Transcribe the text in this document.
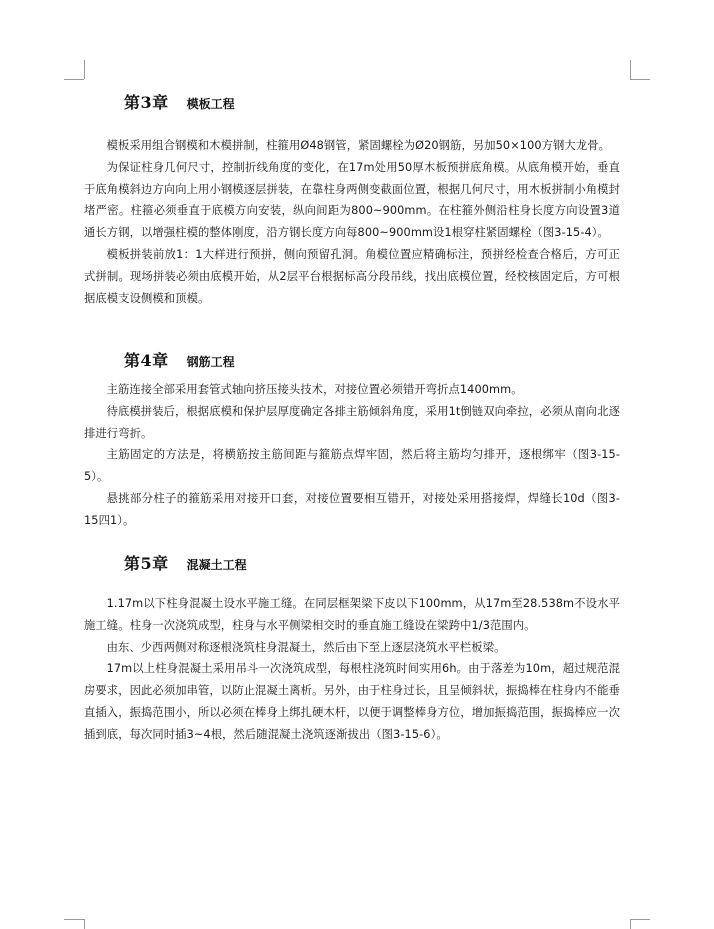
第3章 模板工程

模板采用组合钢模和木模拼制，柱箍用Ø48钢管，紧固螺栓为Ø20钢筋，另加50×100方钢大龙骨。

为保证柱身几何尺寸，控制折线角度的变化，在17m处用50厚木板预拼底角模。从底角模开始，垂直于底角模斜边方向向上用小钢模逐层拼装，在靠柱身两侧变截面位置，根据几何尺寸，用木板拼制小角模封堵严密。柱箍必须垂直于底模方向安装，纵向间距为800~900mm。在柱箍外侧沿柱身长度方向设置3道通长方钢，以增强柱模的整体刚度，沿方钢长度方向每800~900mm设1根穿柱紧固螺栓（图3-15-4）。

模板拼装前放1：1大样进行预拼，侧向预留孔洞。角模位置应精确标注，预拼经检查合格后，方可正式拼制。现场拼装必须由底模开始，从2层平台根据标高分段吊线，找出底模位置，经校核固定后，方可根据底模支设侧模和顶模。

第4章 钢筋工程

主筋连接全部采用套管式轴向挤压接头技术，对接位置必须错开弯折点1400mm。

待底模拼装后，根据底模和保护层厚度确定各排主筋倾斜角度，采用1t倒链双向牵拉，必须从南向北逐排进行弯折。

主筋固定的方法是，将横筋按主筋间距与箍筋点焊牢固，然后将主筋均匀排开，逐根绑牢（图3-15-5）。

悬挑部分柱子的箍筋采用对接开口套，对接位置要相互错开，对接处采用搭接焊，焊缝长10d（图3-15四1）。

第5章 混凝土工程

1.17m以下柱身混凝土设水平施工缝。在同层框架梁下皮以下100mm，从17m至28.538m不设水平施工缝。柱身一次浇筑成型，柱身与水平侧梁相交时的垂直施工缝设在梁跨中1/3范围内。

由东、少西两侧对称逐根浇筑柱身混凝土，然后由下至上逐层浇筑水平栏板梁。

17m以上柱身混凝土采用吊斗一次浇筑成型，每根柱浇筑时间实用6h。由于落差为10m，超过规范混房要求，因此必须加串管，以防止混凝土离析。另外，由于柱身过长，且呈倾斜状，振捣棒在柱身内不能垂直插入，振捣范围小，所以必须在棒身上绑扎硬木杆，以便于调整棒身方位，增加振捣范围，振捣棒应一次插到底，每次同时插3~4根，然后随混凝土浇筑逐渐拔出（图3-15-6）。
